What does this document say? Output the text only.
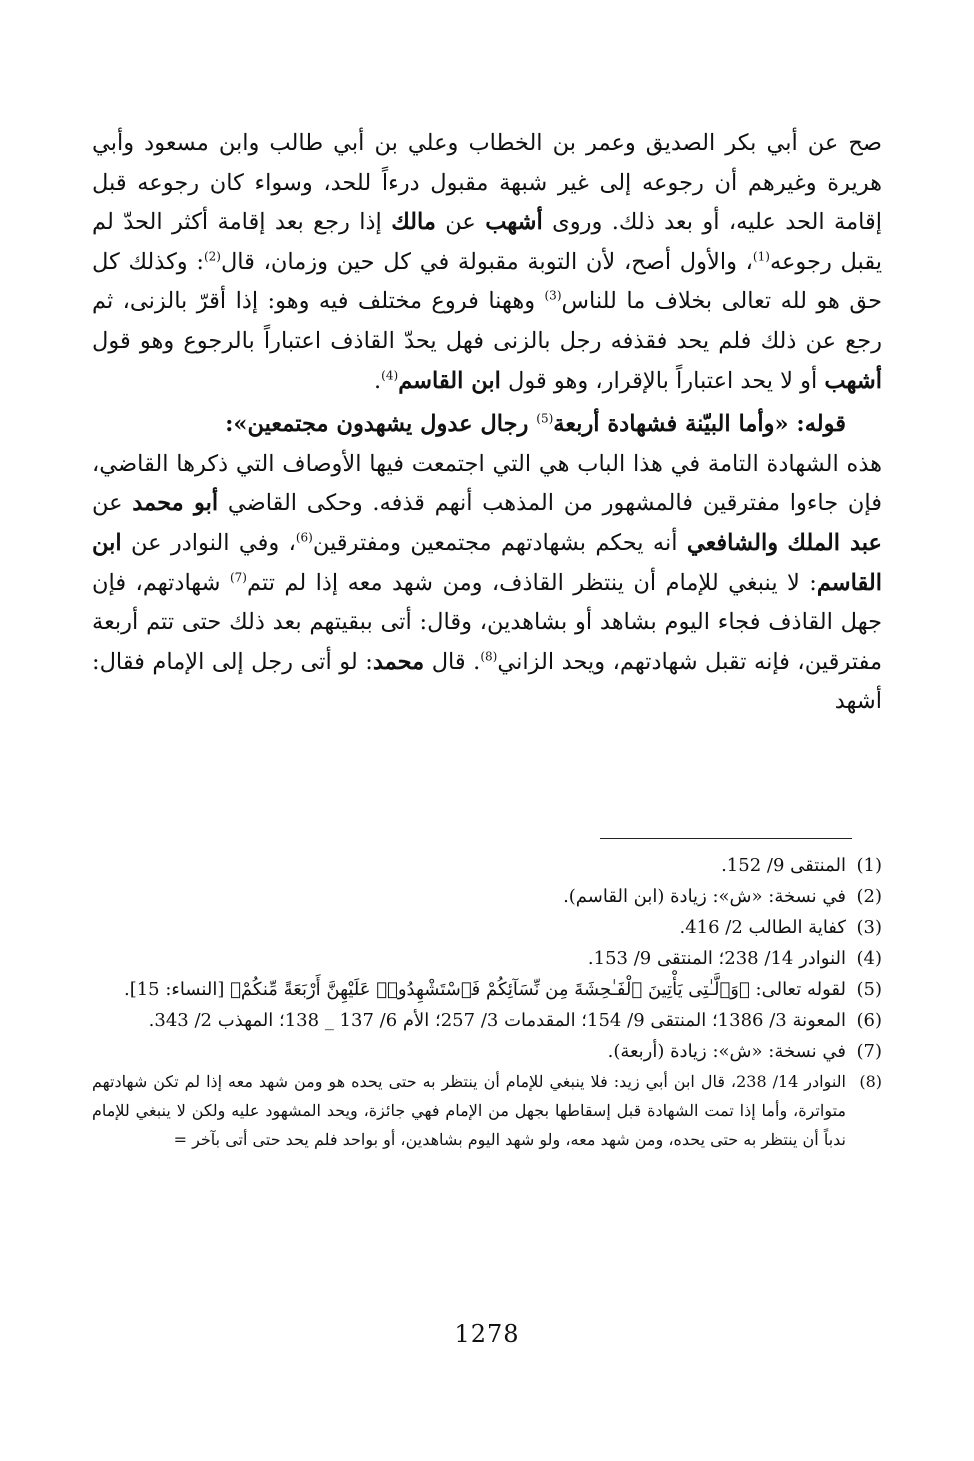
صح عن أبي بكر الصديق وعمر بن الخطاب وعلي بن أبي طالب وابن مسعود وأبي هريرة وغيرهم أن رجوعه إلى غير شبهة مقبول درءاً للحد، وسواء كان رجوعه قبل إقامة الحد عليه، أو بعد ذلك. وروى أشهب عن مالك إذا رجع بعد إقامة أكثر الحدّ لم يقبل رجوعه$^{(1)}$، والأول أصح، لأن التوبة مقبولة في كل حين وزمان، قال$^{(2)}$: وكذلك كل حق هو لله تعالى بخلاف ما للناس$^{(3)}$ وههنا فروع مختلف فيه وهو: إذا أقرّ بالزنى، ثم رجع عن ذلك فلم يحد فقذفه رجل بالزنى فهل يحدّ القاذف اعتباراً بالرجوع وهو قول أشهب أو لا يحد اعتباراً بالإقرار، وهو قول ابن القاسم$^{(4)}$.

قوله: «وأما البيّنة فشهادة أربعة$^{(5)}$ رجال عدول يشهدون مجتمعين»:

هذه الشهادة التامة في هذا الباب هي التي اجتمعت فيها الأوصاف التي ذكرها القاضي، فإن جاءوا مفترقين فالمشهور من المذهب أنهم قذفه. وحكى القاضي أبو محمد عن عبد الملك والشافعي أنه يحكم بشهادتهم مجتمعين ومفترقين$^{(6)}$، وفي النوادر عن ابن القاسم: لا ينبغي للإمام أن ينتظر القاذف، ومن شهد معه إذا لم تتم$^{(7)}$ شهادتهم، فإن جهل القاذف فجاء اليوم بشاهد أو بشاهدين، وقال: أتى ببقيتهم بعد ذلك حتى تتم أربعة مفترقين، فإنه تقبل شهادتهم، ويحد الزاني$^{(8)}$. قال محمد: لو أتى رجل إلى الإمام فقال: أشهد

(1)
المنتقى 9/ 152.
(2)
في نسخة: «ش»: زيادة (ابن القاسم).
(3)
كفاية الطالب 2/ 416.
(4)
النوادر 14/ 238؛ المنتقى 9/ 153.
(5)
لقوله تعالى: ﴿وَٱلَّـٰتِى يَأْتِينَ ٱلْفَـٰحِشَةَ مِن نِّسَآئِكُمْ فَٱسْتَشْهِدُوا۟ عَلَيْهِنَّ أَرْبَعَةً مِّنكُمْ﴾ [النساء: 15].
(6)
المعونة 3/ 1386؛ المنتقى 9/ 154؛ المقدمات 3/ 257؛ الأم 6/ 137 _ 138؛ المهذب 2/ 343.
(7)
في نسخة: «ش»: زيادة (أربعة).
(8)
النوادر 14/ 238، قال ابن أبي زيد: فلا ينبغي للإمام أن ينتظر به حتى يحده هو ومن شهد معه إذا لم تكن شهادتهم متواترة، وأما إذا تمت الشهادة قبل إسقاطها بجهل من الإمام فهي جائزة، ويحد المشهود عليه ولكن لا ينبغي للإمام ندباً أن ينتظر به حتى يحده، ومن شهد معه، ولو شهد اليوم بشاهدين، أو بواحد فلم يحد حتى أتى بآخر =
1278
